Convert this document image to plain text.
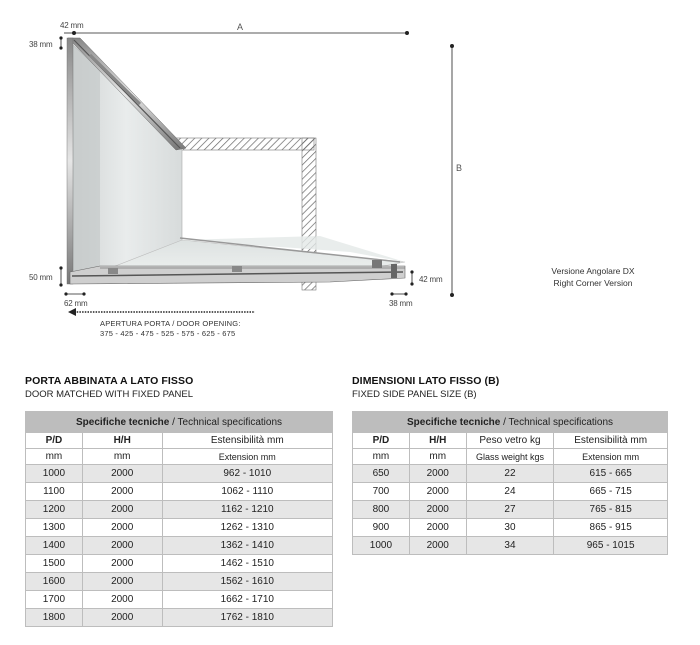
A
42 mm
38 mm
B
50 mm
62 mm
42 mm
38 mm
Versione Angolare DX
Right Corner Version
APERTURA PORTA / DOOR OPENING:
375 - 425 - 475 - 525 - 575 - 625 - 675
PORTA ABBINATA A LATO FISSO
DOOR MATCHED WITH FIXED PANEL
Specifiche tecniche / Technical specifications		
P/D	H/H	Estensibilità mm
mm	mm	Extension mm
1000	2000	962 - 1010
1100	2000	1062 - 1110
1200	2000	1162 - 1210
1300	2000	1262 - 1310
1400	2000	1362 - 1410
1500	2000	1462 - 1510
1600	2000	1562 - 1610
1700	2000	1662 - 1710
1800	2000	1762 - 1810
DIMENSIONI LATO FISSO (B)
FIXED SIDE PANEL SIZE (B)
Specifiche tecniche / Technical specifications			
P/D	H/H	Peso vetro kg	Estensibilità mm
mm	mm	Glass weight kgs	Extension mm
650	2000	22	615 - 665
700	2000	24	665 - 715
800	2000	27	765 - 815
900	2000	30	865 - 915
1000	2000	34	965 - 1015
